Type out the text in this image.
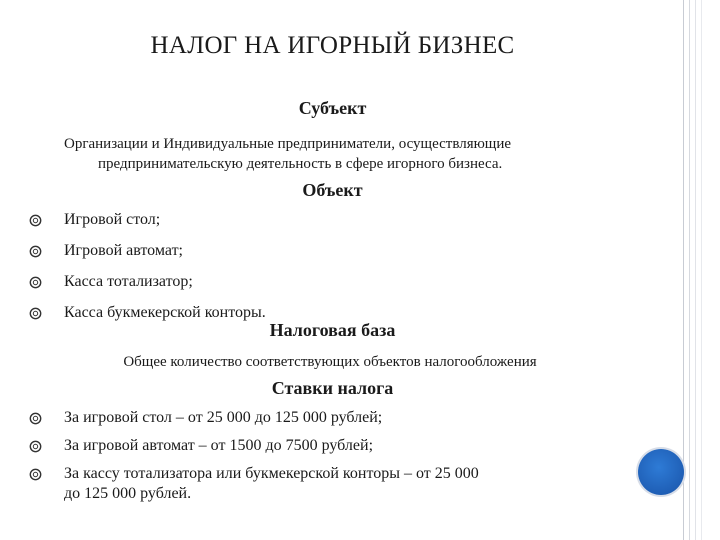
НАЛОГ НА ИГОРНЫЙ БИЗНЕС
Субъект

Организации и Индивидуальные предприниматели, осуществляющие
предпринимательскую деятельность в сфере игорного бизнеса.

Объект
Игровой стол;
Игровой автомат;
Касса тотализатор;
Касса букмекерской конторы.
Налоговая база

Общее количество соответствующих объектов налогообложения

Ставки налога
За игровой стол – от 25 000 до 125 000 рублей;
За игровой автомат – от 1500 до 7500 рублей;
За кассу тотализатора или букмекерской конторы – от 25 000
до 125 000 рублей.
